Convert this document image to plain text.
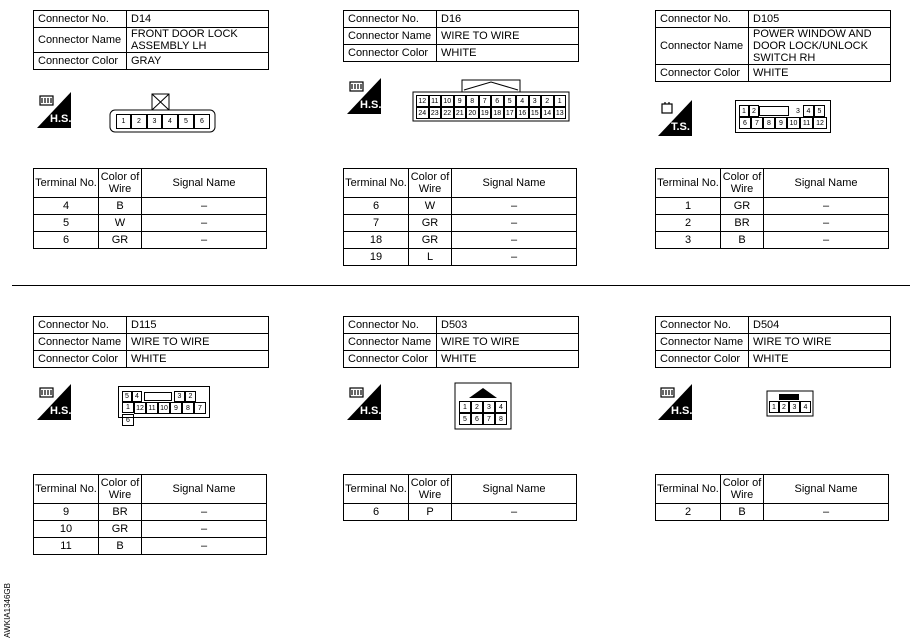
Connector No.	D14
Connector Name	FRONT DOOR LOCK ASSEMBLY LH
Connector Color	GRAY
H.S.	1	2	3	4	5	6
Terminal No.	Color of Wire	Signal Name
4	B	–
5	W	–
6	GR	–
Connector No.	D16
Connector Name	WIRE TO WIRE
Connector Color	WHITE
H.S.	12 11 10 9	8	7	6	5	4	3	2	1
24 23 22 21 20 19 18 17 16 15 14 13
Terminal No.	Color of Wire	Signal Name
6	W	–
7	GR	–
18	GR	–
19	L	–
Connector No.	D105
Connector Name	POWER WINDOW AND DOOR LOCK/UNLOCK SWITCH RH
Connector Color	WHITE
T.S.
1 2	3 4	5
6	7	8	9 10 11 12
Terminal No.	Color of Wire	Signal Name
1	GR	–
2	BR	–
3	B	–
Connector No.	D115
Connector Name	WIRE TO WIRE
Connector Color	WHITE
H.S.
5 4	3	2
1 12 11 10 9	8	7
6
Terminal No.	Color of Wire	Signal Name
9	BR	–
10	GR	–
11	B	–
Connector No.	D503
Connector Name	WIRE TO WIRE
Connector Color	WHITE
H.S.	1	2	3	4
5	6	7	8
Terminal No.	Color of Wire	Signal Name
6	P	–
Connector No.	D504
Connector Name	WIRE TO WIRE
Connector Color	WHITE
H.S.	1 2 3	4
Terminal No.	Color of Wire	Signal Name
2	B	–
AWKIA1346GB
